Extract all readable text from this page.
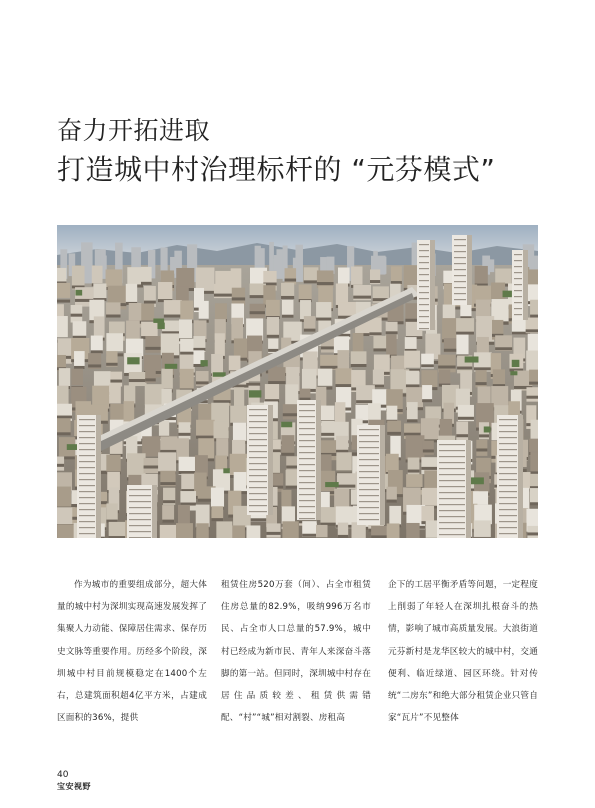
奋力开拓进取
打造城中村治理标杆的 “元芬模式”

作为城市的重要组成部分，超大体量的城中村为深圳实现高速发展发挥了集聚人力动能、保障居住需求、保存历史文脉等重要作用。历经多个阶段，深圳城中村目前规模稳定在1400个左右，总建筑面积超4亿平方米，占建成区面积的36%，提供

租赁住房520万套（间）、占全市租赁住房总量的82.9%，吸纳996万名市民、占全市人口总量的57.9%，城中村已经成为新市民、青年人来深奋斗落脚的第一站。但同时，深圳城中村存在居住品质较差、租赁供需错配、“村”“城”相对割裂、房租高

企下的工居平衡矛盾等问题，一定程度上削弱了年轻人在深圳扎根奋斗的热情，影响了城市高质量发展。大浪街道元芬新村是龙华区较大的城中村，交通便利、临近绿道、园区环绕。针对传统“二房东”和绝大部分租赁企业只管自家“瓦片”不见整体

40
宝安视野
